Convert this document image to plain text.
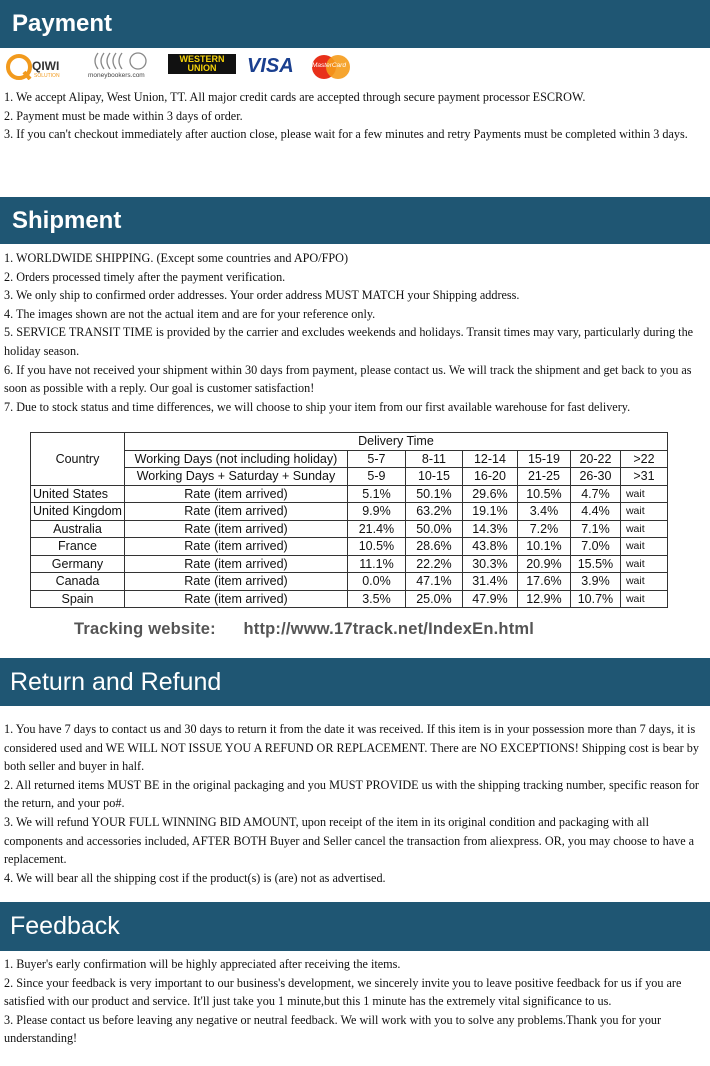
Payment
QIWI
SOLUTION	moneybookers.com
WESTERN
UNION	VISA	MasterCard

1. We accept Alipay, West Union, TT. All major credit cards are accepted through secure payment processor ESCROW.

2. Payment must be made within 3 days of order.

3. If you can't checkout immediately after auction close, please wait for a few minutes and retry Payments must be completed within 3 days.

Shipment

1. WORLDWIDE SHIPPING. (Except some countries and APO/FPO)

2. Orders processed timely after the payment verification.

3. We only ship to confirmed order addresses. Your order address MUST MATCH your Shipping address.

4. The images shown are not the actual item and are for your reference only.

5. SERVICE TRANSIT TIME is provided by the carrier and excludes weekends and holidays. Transit times may vary, particularly during the holiday season.

6. If you have not received your shipment within 30 days from payment, please contact us. We will track the shipment and get back to you as soon as possible with a reply. Our goal is customer satisfaction!

7. Due to stock status and time differences, we will choose to ship your item from our first available warehouse for fast delivery.

Country	Delivery Time						
	Working Days (not including holiday)	5-7	8-11	12-14	15-19	20-22	>22
	Working Days + Saturday + Sunday	5-9	10-15	16-20	21-25	26-30	>31
United States	Rate (item arrived)	5.1%	50.1%	29.6%	10.5%	4.7%	wait
United Kingdom	Rate (item arrived)	9.9%	63.2%	19.1%	3.4%	4.4%	wait
Australia	Rate (item arrived)	21.4%	50.0%	14.3%	7.2%	7.1%	wait
France	Rate (item arrived)	10.5%	28.6%	43.8%	10.1%	7.0%	wait
Germany	Rate (item arrived)	11.1%	22.2%	30.3%	20.9%	15.5%	wait
Canada	Rate (item arrived)	0.0%	47.1%	31.4%	17.6%	3.9%	wait
Spain	Rate (item arrived)	3.5%	25.0%	47.9%	12.9%	10.7%	wait
Tracking website: http://www.17track.net/IndexEn.html
Return and Refund

1. You have 7 days to contact us and 30 days to return it from the date it was received. If this item is in your possession more than 7 days, it is considered used and WE WILL NOT ISSUE YOU A REFUND OR REPLACEMENT. There are NO EXCEPTIONS! Shipping cost is bear by both seller and buyer in half.

2. All returned items MUST BE in the original packaging and you MUST PROVIDE us with the shipping tracking number, specific reason for the return, and your po#.

3. We will refund YOUR FULL WINNING BID AMOUNT, upon receipt of the item in its original condition and packaging with all components and accessories included, AFTER BOTH Buyer and Seller cancel the transaction from aliexpress. OR, you may choose to have a replacement.

4. We will bear all the shipping cost if the product(s) is (are) not as advertised.

Feedback

1. Buyer's early confirmation will be highly appreciated after receiving the items.

2. Since your feedback is very important to our business's development, we sincerely invite you to leave positive feedback for us if you are satisfied with our product and service. It'll just take you 1 minute,but this 1 minute has the extremely vital significance to us.

3. Please contact us before leaving any negative or neutral feedback. We will work with you to solve any problems.Thank you for your understanding!
